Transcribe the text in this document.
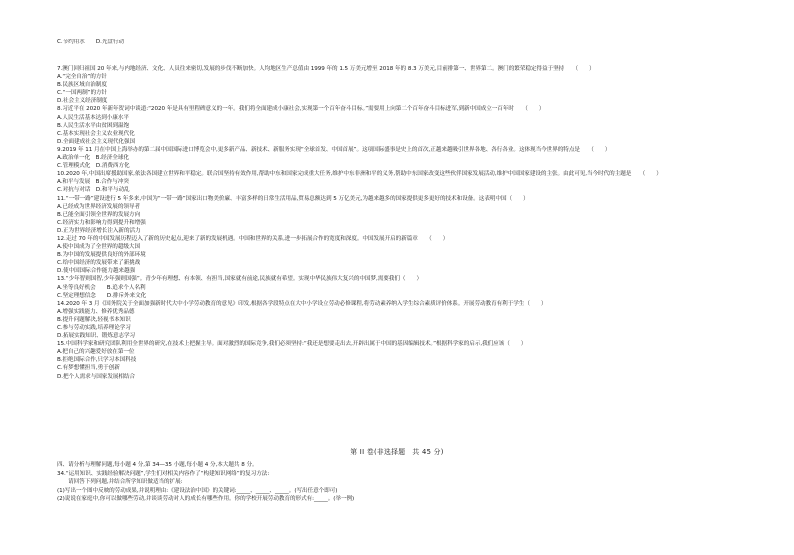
C.节约用水　　D.光盘行动
7.澳门回归祖国 20 年来,与内地经济、文化、人员往来密切,发展的步伐不断加快。人均地区生产总值由 1999 年的 1.5 万美元增至 2018 年的 8.3 万美元,目前排第一、世界第二。澳门的繁荣稳定得益于坚持　　（　　）
A.“完全自治”的方针
B.民族区域自治制度
C.“一国两制”的方针
D.社会主义经济制度
8.习近平在 2020 年新年贺词中谈道:“2020 年是具有里程碑意义的一年。我们将全面建成小康社会,实现第一个百年奋斗目标。”需要用上向第二个百年奋斗目标进军,到新中国成立一百年时　　（　　）
A.人民生活基本达到小康水平
B.人民生活水平由贫困到温饱
C.基本实现社会主义农业现代化
D.全面建成社会主义现代化强国
9.2019 年 11 月在中国上海举办的第二届中国国际进口博览会中,更多新产品、新技术、新服务实现“全球首发、中国首展”。这项国际盛事是史上的首次,正越来越吸引世界各地、各行各业。这体现当今世界的特点是　　（　　）
A.政治单一化　B.经济全球化
C.管理模式化　D.消费西方化
10.2020 年,中国出席援助国家,依法各国建立世界和平稳定。联合国坚持有效作用,帮助中东和国家完成重大任务,维护中东非洲和平的义务,帮助中东国家改变这些伙伴国家发展活动,维护中国国家建设的主张。由此可见,当今时代的主题是　　（　　）
A.和平与发展　B.合作与冲突
C.对抗与对话　D.和平与动乱
11.“一带一路”建设进行 5 年多来,中国为“一带一路”国家出口物美价廉、丰富多样的日常生活用品,贸易总额达到 5 万亿美元,为越来越多的国家提供更多更好的技术和设备。这表明中国（　　）
A.已经成为世界经济发展的领导者
B.已能全面引领全世界的发展方向
C.经济实力和影响力得到提升和增强
D.正为世界经济增长注入新的活力
12.走过 70 年的中国发展历程迈入了新的历史起点,迎来了新的发展机遇。中国和世界的关系,进一步拓展合作的宽度和深度。中国发展开启的新篇章　　（　　）
A.使中国成为了全世界的超级大国
B.为中国的发展提供良好的外部环境
C.给中国经济的发展带来了新挑战
D.使中国国际合作能力越来越强
13.“少年智则国智,少年强则国强”。青少年有理想、有本领、有担当,国家就有前途,民族就有希望。实现中华民族伟大复兴的中国梦,需要我们（　　）
A.坐等良好机会　　B.追求个人名利
C.坚定理想信念　　D.排斥外来文化
14.2020 年 3 月《国务院关于全面加强新时代大中小学劳动教育的意见》印发,根据各学段特点在大中小学设立劳动必修课程,将劳动素养纳入学生综合素质评价体系。开展劳动教育有利于学生（　　）
A.增强实践能力、修养优秀品德
B.提升问题解决,轻视书本知识
C.参与劳动实践,培养理论学习
D.拓展实践知识、锻炼意志学习
15.中国科学家和研究团队利用全世界的研究,在技术上把握主导。面对激烈的国际竞争,我们必须坚持:“我还是想要走出去,开辟出属于中国的基因编辑技术。”根据科学家的启示,我们应该（　　）
A.把自己的兴趣爱好放在第一位
B.拒绝国际合作,只学习本国科技
C.有梦想懂担当,勇于创新
D.把个人需求与国家发展相结合
第 II 卷(非选择题　共 45 分)
四、请分析与理解问题,每小题 4 分,第 34—35 小题,每小题 4 分,本大题共 8 分。
34.“运用知识、实践经验解决问题”,学生们对相关内容作了“构建知识网络”的复习方法:
　　请回答下列问题,并结合所学知识做适当的扩展:
(1)写出一个图中反映的劳动成果,并说明理由:《建设法治中国》的关键词:_____、_____、_____。(写出任意个即可)
(2)说说在家庭中,你可以做哪些劳动,并谈谈劳动对人的成长有哪些作用。你的学校开展劳动教育的形式有:_____。(举一例)
